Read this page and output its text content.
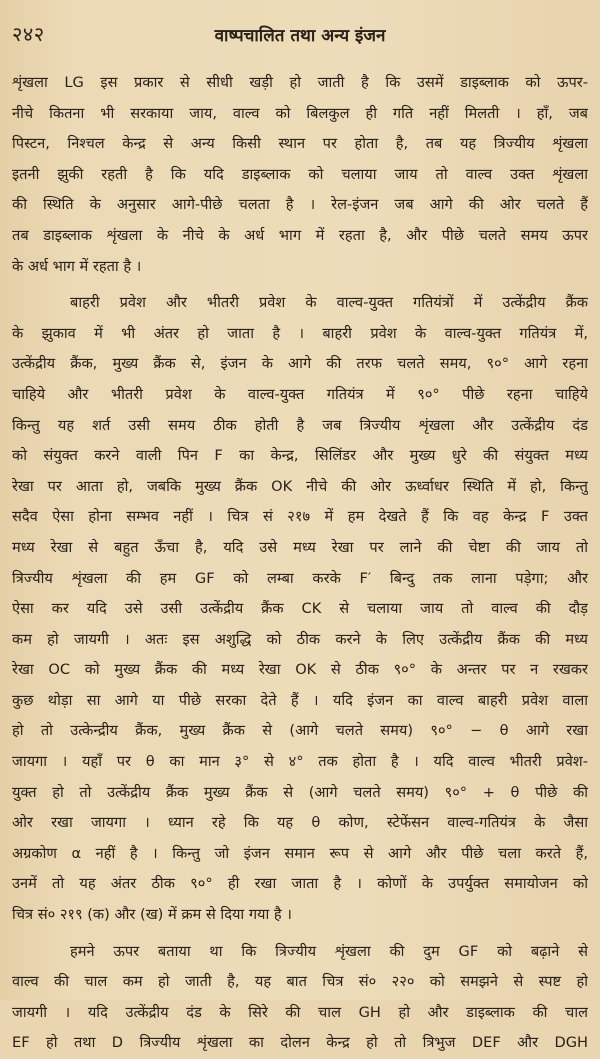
२४२	वाष्पचालित तथा अन्य इंजन
शृंखला LG इस प्रकार से सीधी खड़ी हो जाती है कि उसमें डाइब्लाक को ऊपर-
नीचे कितना भी सरकाया जाय, वाल्व को बिलकुल ही गति नहीं मिलती । हाँ, जब
पिस्टन, निश्चल केन्द्र से अन्य किसी स्थान पर होता है, तब यह त्रिज्यीय शृंखला
इतनी झुकी रहती है कि यदि डाइब्लाक को चलाया जाय तो वाल्व उक्त शृंखला
की स्थिति के अनुसार आगे-पीछे चलता है । रेल-इंजन जब आगे की ओर चलते हैं
तब डाइब्लाक शृंखला के नीचे के अर्ध भाग में रहता है, और पीछे चलते समय ऊपर
के अर्ध भाग में रहता है ।
बाहरी प्रवेश और भीतरी प्रवेश के वाल्व-युक्त गतियंत्रों में उत्केंद्रीय क्रैंक
के झुकाव में भी अंतर हो जाता है । बाहरी प्रवेश के वाल्व-युक्त गतियंत्र में,
उत्केंद्रीय क्रैंक, मुख्य क्रैंक से, इंजन के आगे की तरफ चलते समय, ९०° आगे रहना
चाहिये और भीतरी प्रवेश के वाल्व-युक्त गतियंत्र में ९०° पीछे रहना चाहिये
किन्तु यह शर्त उसी समय ठीक होती है जब त्रिज्यीय शृंखला और उत्केंद्रीय दंड
को संयुक्त करने वाली पिन F का केन्द्र, सिलिंडर और मुख्य धुरे की संयुक्त मध्य
रेखा पर आता हो, जबकि मुख्य क्रैंक OK नीचे की ओर ऊर्ध्वाधर स्थिति में हो, किन्तु
सदैव ऐसा होना सम्भव नहीं । चित्र सं २१७ में हम देखते हैं कि वह केन्द्र F उक्त
मध्य रेखा से बहुत ऊँचा है, यदि उसे मध्य रेखा पर लाने की चेष्टा की जाय तो
त्रिज्यीय शृंखला की हम GF को लम्बा करके F′ बिन्दु तक लाना पड़ेगा; और
ऐसा कर यदि उसे उसी उत्केंद्रीय क्रैंक CK से चलाया जाय तो वाल्व की दौड़
कम हो जायगी । अतः इस अशुद्धि को ठीक करने के लिए उत्केंद्रीय क्रैंक की मध्य
रेखा OC को मुख्य क्रैंक की मध्य रेखा OK से ठीक ९०° के अन्तर पर न रखकर
कुछ थोड़ा सा आगे या पीछे सरका देते हैं । यदि इंजन का वाल्व बाहरी प्रवेश वाला
हो तो उत्केन्द्रीय क्रैंक, मुख्य क्रैंक से (आगे चलते समय) ९०° − θ आगे रखा
जायगा । यहाँ पर θ का मान ३° से ४° तक होता है । यदि वाल्व भीतरी प्रवेश-
युक्त हो तो उत्केंद्रीय क्रैंक मुख्य क्रैंक से (आगे चलते समय) ९०° + θ पीछे की
ओर रखा जायगा । ध्यान रहे कि यह θ कोण, स्टेफेंसन वाल्व-गतियंत्र के जैसा
अग्रकोण α नहीं है । किन्तु जो इंजन समान रूप से आगे और पीछे चला करते हैं,
उनमें तो यह अंतर ठीक ९०° ही रखा जाता है । कोणों के उपर्युक्त समायोजन को
चित्र सं० २१९ (क) और (ख) में क्रम से दिया गया है ।
हमने ऊपर बताया था कि त्रिज्यीय शृंखला की दुम GF को बढ़ाने से
वाल्व की चाल कम हो जाती है, यह बात चित्र सं० २२० को समझने से स्पष्ट हो
जायगी । यदि उत्केंद्रीय दंड के सिरे की चाल GH हो और डाइब्लाक की चाल
EF हो तथा D त्रिज्यीय शृंखला का दोलन केन्द्र हो तो त्रिभुज DEF और DGH
